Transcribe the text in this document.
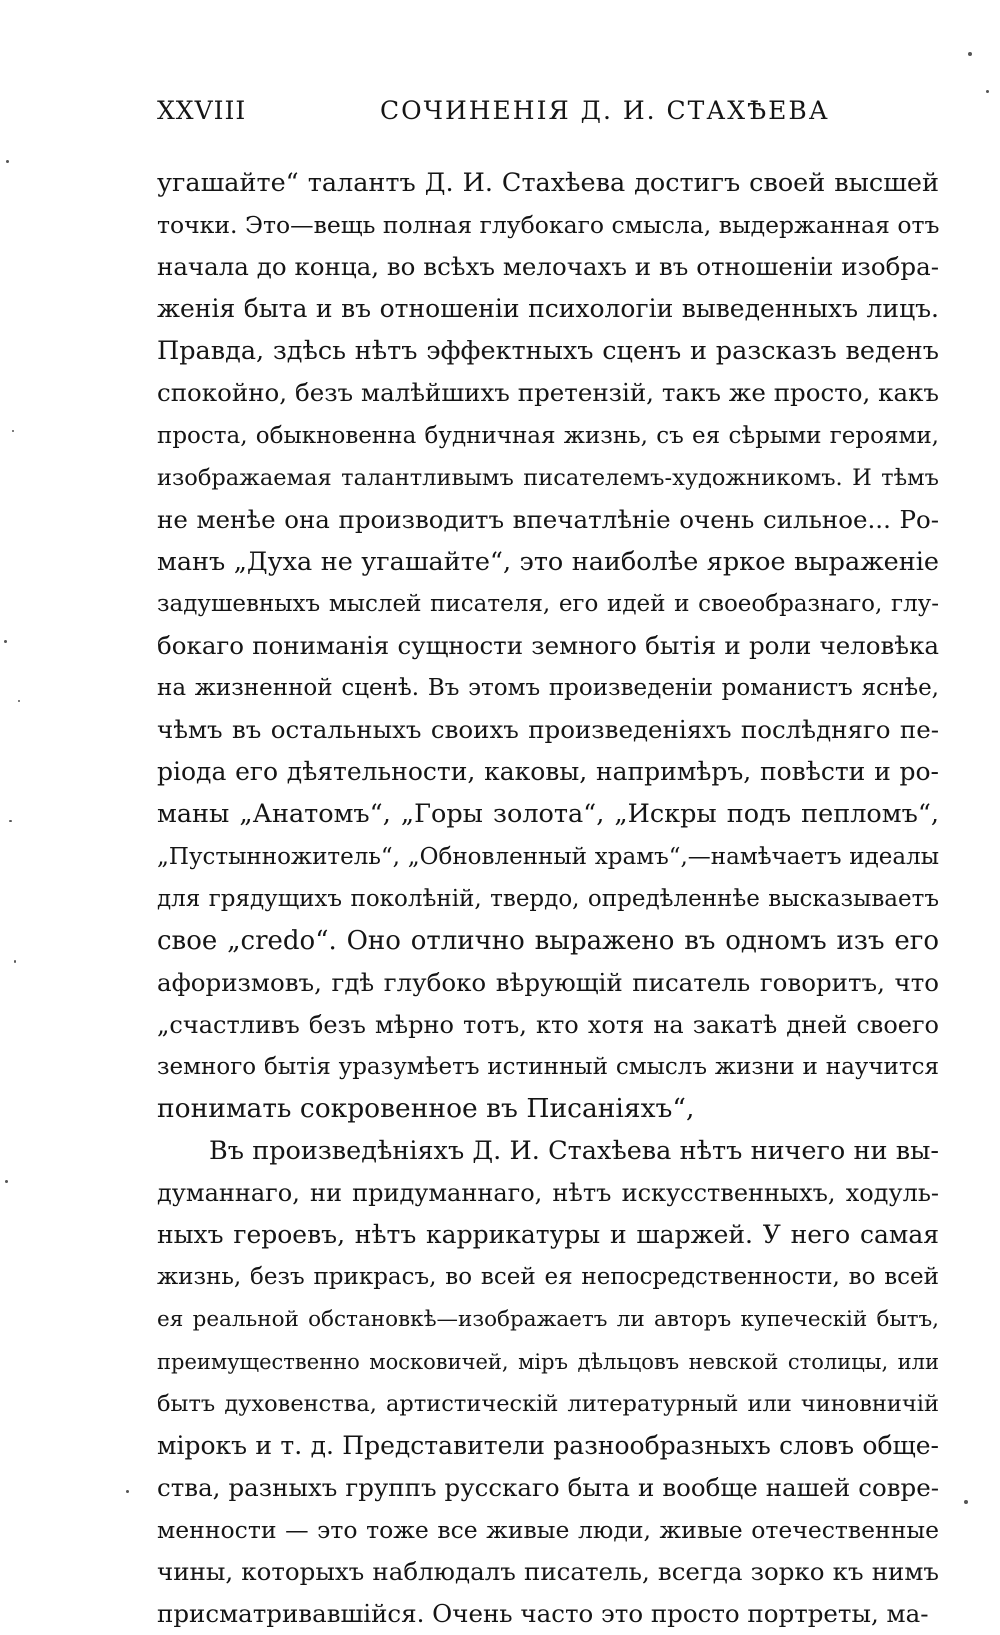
XXVIII	СОЧИНЕНІЯ Д. И. СТАХѢЕВА
угашайте“ талантъ Д. И. Стахѣева достигъ своей высшей
точки. Это—вещь полная глубокаго смысла, выдержанная отъ
начала до конца, во всѣхъ мелочахъ и въ отношеніи изобра-
женія быта и въ отношеніи психологіи выведенныхъ лицъ.
Правда, здѣсь нѣтъ эффектныхъ сценъ и разсказъ веденъ
спокойно, безъ малѣйшихъ претензій, такъ же просто, какъ
проста, обыкновенна будничная жизнь, съ ея сѣрыми героями,
изображаемая талантливымъ писателемъ-художникомъ. И тѣмъ
не менѣе она производитъ впечатлѣніе очень сильное... Ро-
манъ „Духа не угашайте“, это наиболѣе яркое выраженіе
задушевныхъ мыслей писателя, его идей и своеобразнаго, глу-
бокаго пониманія сущности земного бытія и роли человѣка
на жизненной сценѣ. Въ этомъ произведеніи романистъ яснѣе,
чѣмъ въ остальныхъ своихъ произведеніяхъ послѣдняго пе-
ріода его дѣятельности, каковы, напримѣръ, повѣсти и ро-
маны „Анатомъ“, „Горы золота“, „Искры подъ пепломъ“,
„Пустынножитель“, „Обновленный храмъ“,—намѣчаетъ идеалы
для грядущихъ поколѣній, твердо, опредѣленнѣе высказываетъ
свое „credo“. Оно отлично выражено въ одномъ изъ его
афоризмовъ, гдѣ глубоко вѣрующій писатель говоритъ, что
„счастливъ безъ мѣрно тотъ, кто хотя на закатѣ дней своего
земного бытія уразумѣетъ истинный смыслъ жизни и научится
понимать сокровенное въ Писаніяхъ“,
Въ произведѣніяхъ Д. И. Стахѣева нѣтъ ничего ни вы-
думаннаго, ни придуманнаго, нѣтъ искусственныхъ, ходуль-
ныхъ героевъ, нѣтъ каррикатуры и шаржей. У него самая
жизнь, безъ прикрасъ, во всей ея непосредственности, во всей
ея реальной обстановкѣ—изображаетъ ли авторъ купеческій бытъ,
преимущественно московичей, міръ дѣльцовъ невской столицы, или
бытъ духовенства, артистическій литературный или чиновничій
мірокъ и т. д. Представители разнообразныхъ словъ обще-
ства, разныхъ группъ русскаго быта и вообще нашей совре-
менности — это тоже все живые люди, живые отечественные
чины, которыхъ наблюдалъ писатель, всегда зорко къ нимъ
присматривавшійся. Очень часто это просто портреты, ма-
